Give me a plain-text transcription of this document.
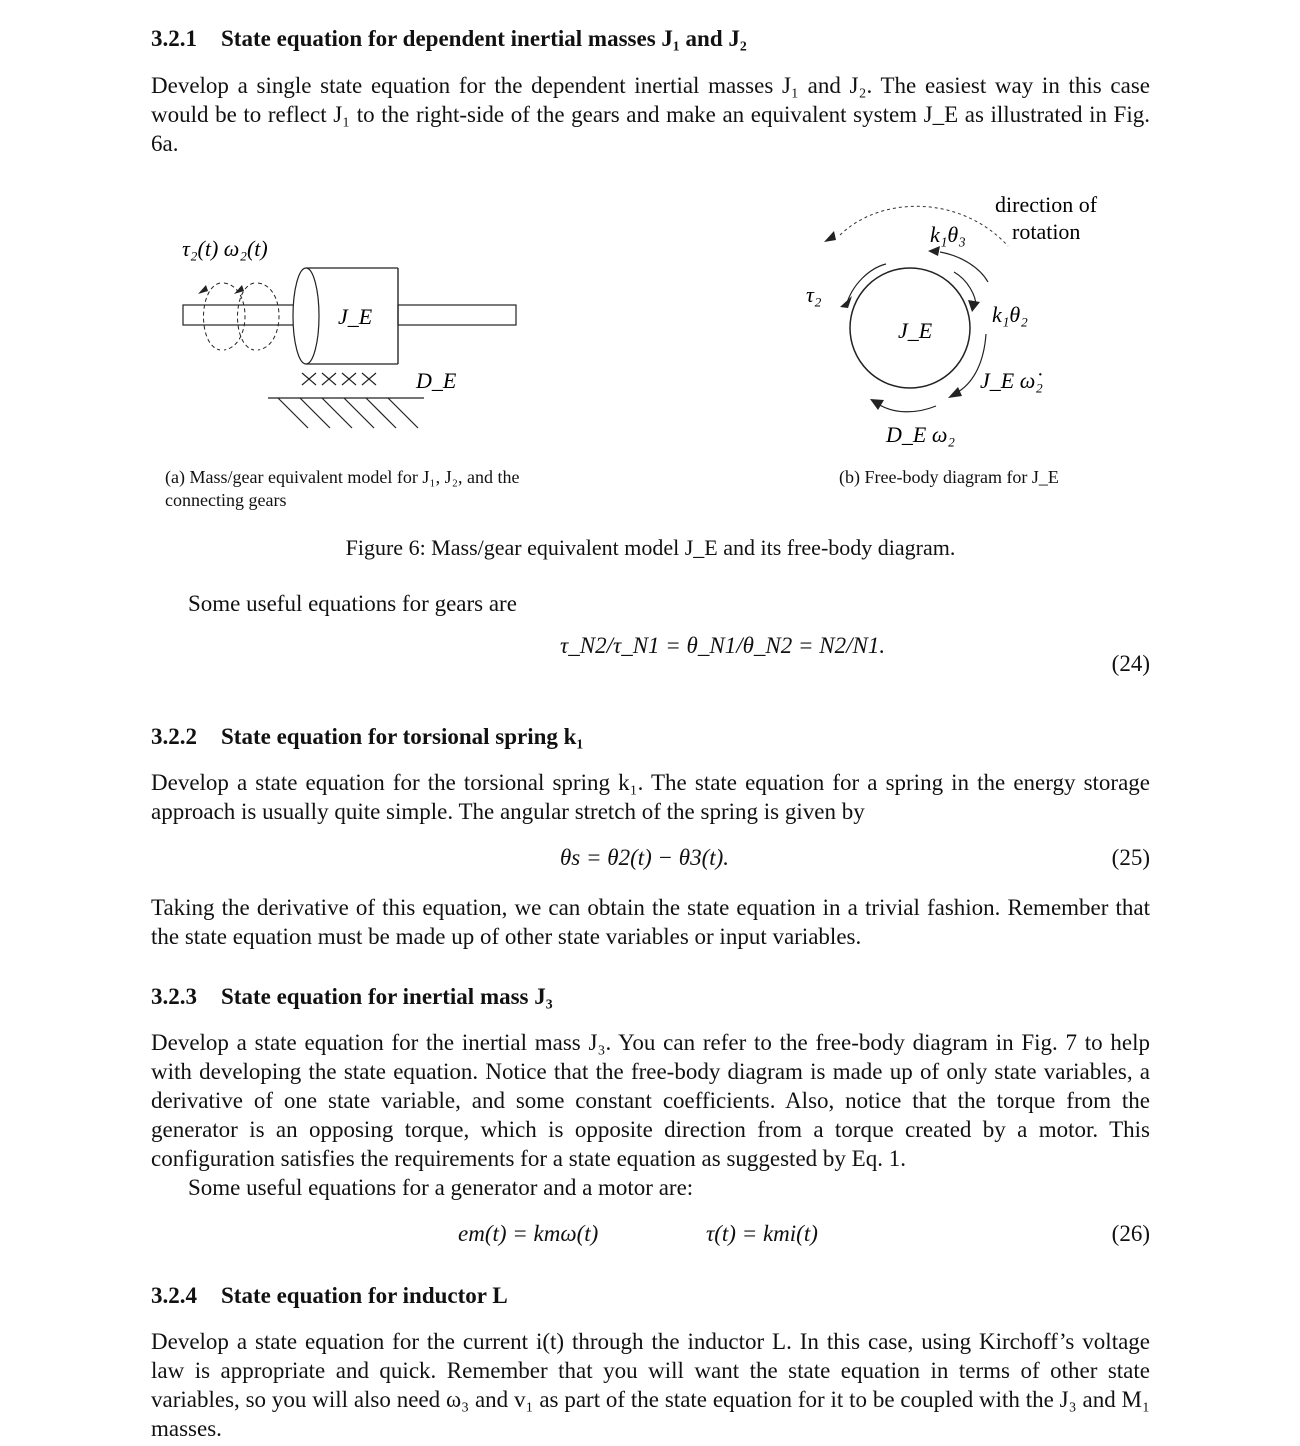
3.2.1 State equation for dependent inertial masses J₁ and J₂
Develop a single state equation for the dependent inertial masses J₁ and J₂. The easiest way in this case would be to reflect J₁ to the right-side of the gears and make an equivalent system J_E as illustrated in Fig. 6a.
τ₂(t) ω₂(t)
J_E
D_E
(a) Mass/gear equivalent model for J₁, J₂, and the connecting gears
direction of
rotation
J_E
τ₂
k₁θ₃
k₁θ₂
J_E ω̇₂
D_E ω₂
(b) Free-body diagram for J_E
Figure 6: Mass/gear equivalent model J_E and its free-body diagram.
Some useful equations for gears are
τ_N2/τ_N1 = θ_N1/θ_N2 = N2/N1.
(24)
3.2.2 State equation for torsional spring k₁
Develop a state equation for the torsional spring k₁. The state equation for a spring in the energy storage approach is usually quite simple. The angular stretch of the spring is given by
θs = θ2(t) − θ3(t).	(25)
Taking the derivative of this equation, we can obtain the state equation in a trivial fashion. Remember that the state equation must be made up of other state variables or input variables.
3.2.3 State equation for inertial mass J₃
Develop a state equation for the inertial mass J₃. You can refer to the free-body diagram in Fig. 7 to help with developing the state equation. Notice that the free-body diagram is made up of only state variables, a derivative of one state variable, and some constant coefficients. Also, notice that the torque from the generator is an opposing torque, which is opposite direction from a torque created by a motor. This configuration satisfies the requirements for a state equation as suggested by Eq. 1.
Some useful equations for a generator and a motor are:
em(t) = kmω(t)	τ(t) = kmi(t)	(26)
3.2.4 State equation for inductor L
Develop a state equation for the current i(t) through the inductor L. In this case, using Kirchoff’s voltage law is appropriate and quick. Remember that you will want the state equation in terms of other state variables, so you will also need ω₃ and v₁ as part of the state equation for it to be coupled with the J₃ and M₁ masses.
